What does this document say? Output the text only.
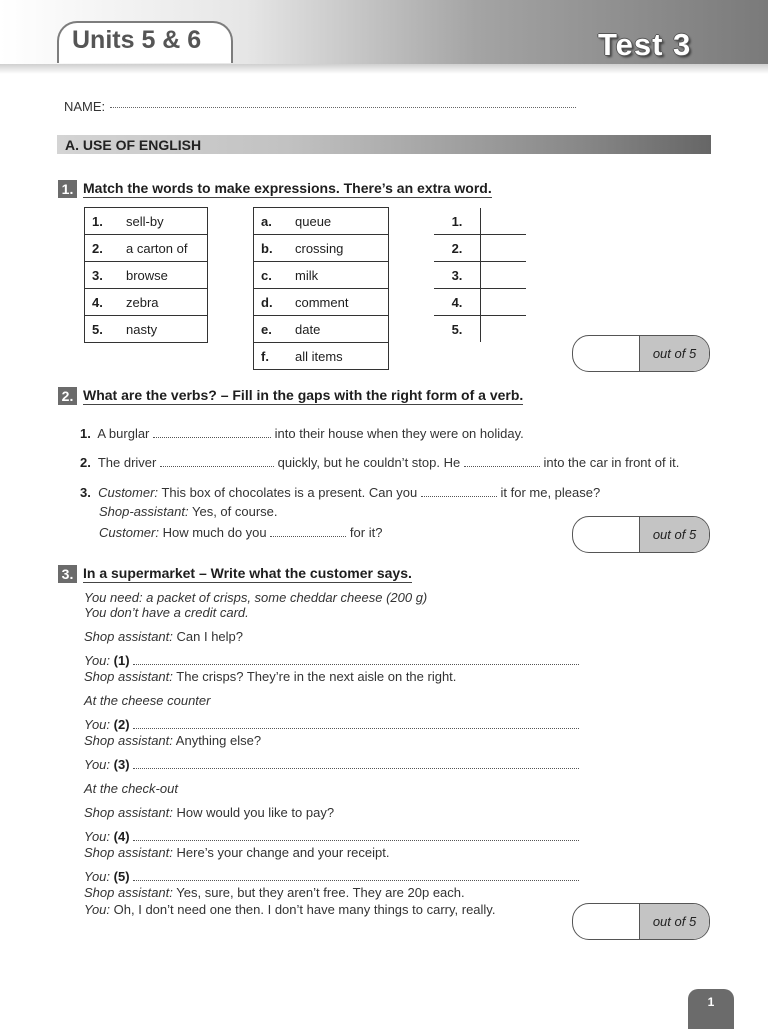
Units 5 & 6	Test 3
NAME:
A. USE OF ENGLISH
1. Match the words to make expressions. There’s an extra word.
1.	sell-by
2.	a carton of
3.	browse
4.	zebra
5.	nasty
a.	queue
b.	crossing
c.	milk
d.	comment
e.	date
f.	all items
1.	
2.	
3.	
4.	
5.	
out of 5
2. What are the verbs? – Fill in the gaps with the right form of a verb.
1. A burglar	into their house when they were on holiday.
2. The driver	quickly, but he couldn’t stop. He	into the car in front of it.
3. Customer: This box of chocolates is a present. Can you	it for me, please?
Shop-assistant: Yes, of course.
Customer: How much do you	for it?	out of 5
3. In a supermarket – Write what the customer says.
You need: a packet of crisps, some cheddar cheese (200 g)
You don’t have a credit card.
Shop assistant: Can I help?
You: (1)
Shop assistant: The crisps? They’re in the next aisle on the right.
At the cheese counter
You: (2)
Shop assistant: Anything else?
You: (3)
At the check-out
Shop assistant: How would you like to pay?
You: (4)
Shop assistant: Here’s your change and your receipt.
You: (5)
Shop assistant: Yes, sure, but they aren’t free. They are 20p each.
You: Oh, I don’t need one then. I don’t have many things to carry, really.
out of 5
1
